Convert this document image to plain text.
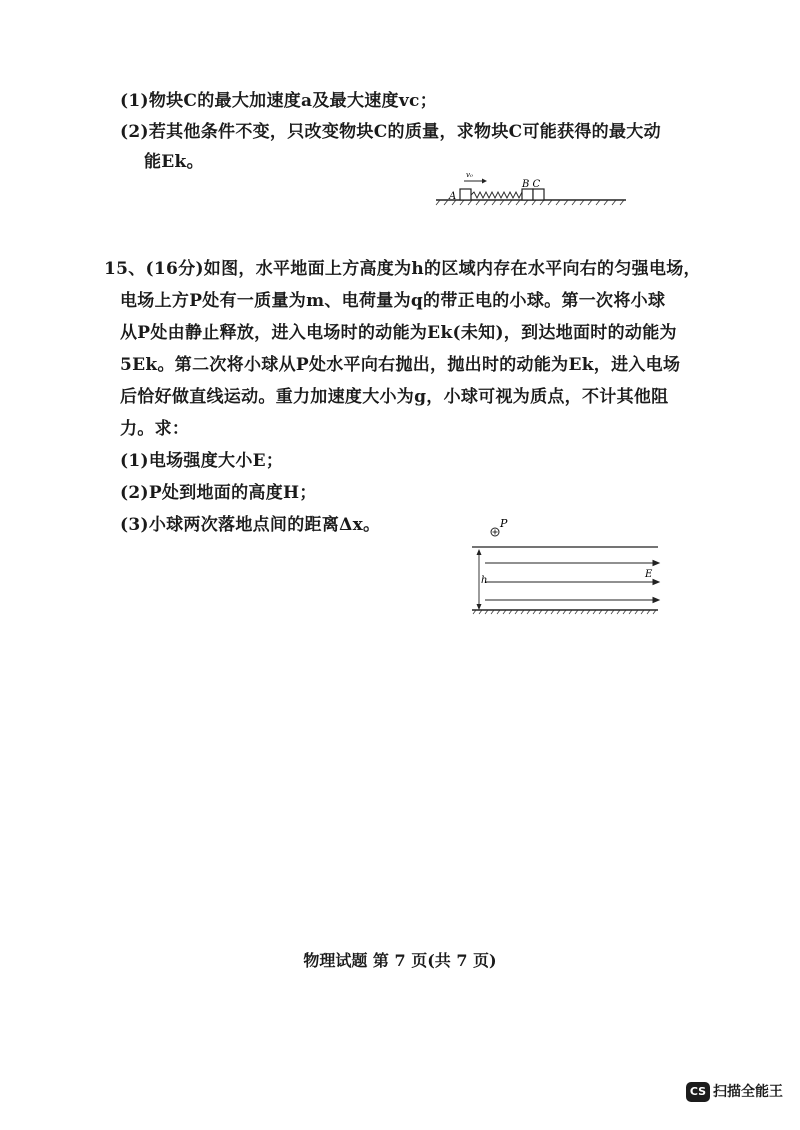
(1)物块C的最大加速度a及最大速度vc；
(2)若其他条件不变，只改变物块C的质量，求物块C可能获得的最大动
能Ek。
v₀
A
B C
15、(16分)如图，水平地面上方高度为h的区域内存在水平向右的匀强电场，
电场上方P处有一质量为m、电荷量为q的带正电的小球。第一次将小球
从P处由静止释放，进入电场时的动能为Ek(未知)，到达地面时的动能为
5Ek。第二次将小球从P处水平向右抛出，抛出时的动能为Ek，进入电场
后恰好做直线运动。重力加速度大小为g，小球可视为质点，不计其他阻
力。求：
(1)电场强度大小E；
(2)P处到地面的高度H；
(3)小球两次落地点间的距离Δx。	P
E
h
物理试题 第 7 页(共 7 页)
CS 扫描全能王
